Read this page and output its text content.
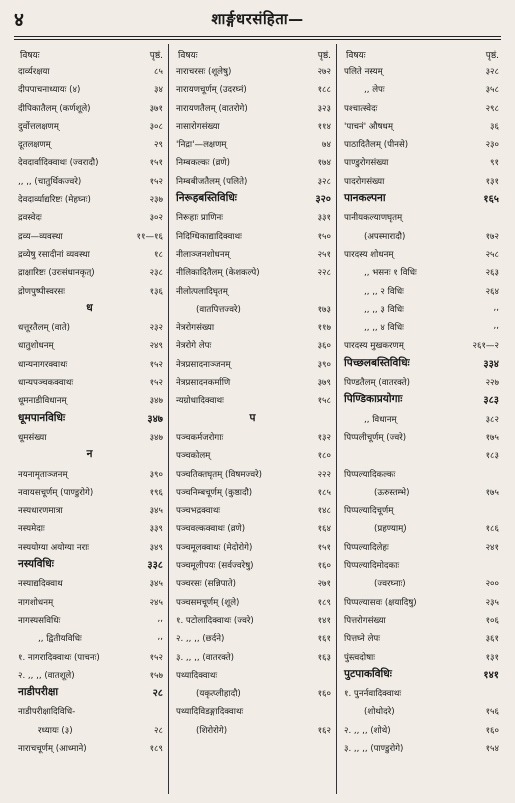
४	शार्ङ्गधरसंहिता—
विषयः	पृष्ठं.
दार्व्यरक्षया	८५
दीपपाचनाध्यायः (४)	३४
दीपिकातैलम् (कर्णशूले)	३७१
दुर्वोत्तलक्षणम्	३०८
दूतलक्षणम्	२९
देवदार्वादिक्वाथः (ज्वरादौ)	१५१
,, ,, (चातुर्थिकज्वरे)	१५२
देवदार्व्याद्यरिष्टः (मेहघ्नः)	२३७
द्रवस्वेदः	३०२
द्रव्य—व्यवस्था	११—१६
द्रव्येषु रसादीनां व्यवस्था	१८
द्राक्षारिष्टः (उरःसंधानकृत्)	२३८
द्रोणपुष्पीस्वरसः	१३६
ध
धत्तूरतैलम् (वाते)	२३२
धातुशोधनम्	२४९
धान्यनागरक्वाथः	१५२
धान्यपञ्चकक्वाथः	१५२
धूमनाडीविधानम्	३४७
धूमपानविधिः	३४७
धूमसंख्या	३४७
न
नयनामृताञ्जनम्	३९०
नवायसचूर्णम् (पाण्डुरोगे)	१९६
नस्यधारणमात्रा	३४५
नस्यमेदाः	३३९
नस्ययोग्या अयोग्या नराः	३४९
नस्यविधिः	३३८
नस्याद्यदिक्वाथ	३४५
नागशोधनम्	२४५
नागस्यसविधिः	,,
,, द्वितीयविधिः	,,
१. नागरादिक्वाथः (पाचनः)	१५२
२. ,, ,, (वातशूले)	१५७
नाडीपरीक्षा	२८
नाडीपरीक्षादिविधि-
रध्यायः (३)	२८
नाराचचूर्णम् (आध्माने)	१८९
विषयः	पृष्ठं.
नाराचरसः (शूलेषु)	२७२
नारायणचूर्णम् (उदरघ्नं)	१८८
नारायणतैलम् (वातरोगे)	३२३
नासारोगसंख्या	११४
'निद्रा'—लक्षणम्	७४
निम्बकल्कः (व्रणे)	१७४
निम्बबीजतैलम् (पलिते)	३२८
निरूहबस्तिविधिः	३२०
निरूहाः प्राणिनः	३३१
निदिग्धिकाद्यादिक्वाथः	१५०
नीलाञ्जनशोधनम्	२५१
नीलिकादितैलम् (केशकल्पे)	२२८
नीलोत्पलादिघृतम्
(वातपित्तज्वरे)	१७३
नेत्ररोगसंख्या	११७
नेत्ररोगे लेपः	३६०
नेत्रप्रसादनाञ्जनम्	३९०
नेत्रप्रसादनकर्माणि	३७९
न्यग्रोधादिक्वाथः	१५८
प
पञ्चकर्मजरोगाः	१३२
पञ्चकोलम्	१८०
पञ्चतिक्तघृतम् (विषमज्वरे)	२२२
पञ्चनिम्बचूर्णम् (कुष्ठादौ)	१८५
पञ्चभद्रक्वाथः	१४८
पञ्चवल्कक्वाथः (व्रणे)	१६४
पञ्चमूलक्वाथः (मेदोरोगे)	१५१
पञ्चमूलीपयः (सर्वज्वरेषु)	१६०
पञ्चरसः (सन्निपाते)	२७१
पञ्चसमचूर्णम् (शूले)	१८९
१. पटोलादिक्वाथः (ज्वरे)	१४१
२. ,, ,, (छर्दने)	१६१
३. ,, ,, (वातरक्ते)	१६३
पथ्यादिक्वाथः
(यकृत्प्लीहादौ)	१६०
पथ्यादिविडङ्गादिक्वाथः
(शिरोरोगे)	१६२
विषयः	पृष्ठं.
पलिते नस्यम्	३२८
,, लेपः	३५८
पश्चात्स्वेदः	२९८
'पाचनं' औषधम्	३६
पाठादितैलम् (पीनसे)	२३०
पाण्डुरोगसंख्या	९१
पादरोगसंख्या	१३१
पानकल्पना	१६५
पानीयकल्याणघृतम्
(अपस्मारादौ)	१७२
पारदस्य शोधनम्	२५८
,, भसनः १ विधिः	२६३
,, ,, २ विधिः	२६४
,, ,, ३ विधिः	,,
,, ,, ४ विधिः	,,
पारदस्य मुखकरणम्	२६१—२
पिच्छलबस्तिविधिः	३३४
पिण्डतैलम् (वातरक्ते)	२२७
पिण्डिकाप्रयोगाः	३८३
,, विधानम्	३८२
पिप्पलीचूर्णम् (ज्वरे)	१७५
१८३
पिप्पल्यादिकल्कः
(ऊरुस्तम्भे)	१७५
पिप्पल्यादिचूर्णम्
(प्रहण्याम्)	१८६
पिप्पल्यादिलेहः	२४१
पिप्पल्यादिमोदकाः
(ज्वरघ्नाः)	२००
पिप्पल्यासवः (क्षयादिषु)	२३५
पित्तरोगसंख्या	१०६
पित्तघ्ने लेपः	३६१
पुंस्त्वदोषाः	१३१
पुटपाकविधिः	१४१
१. पुनर्नवादिक्वाथः
(शोथोदरे)	१५६
२. ,, ,, (शोथे)	१६०
३. ,, ,, (पाण्डुरोगे)	१५४
